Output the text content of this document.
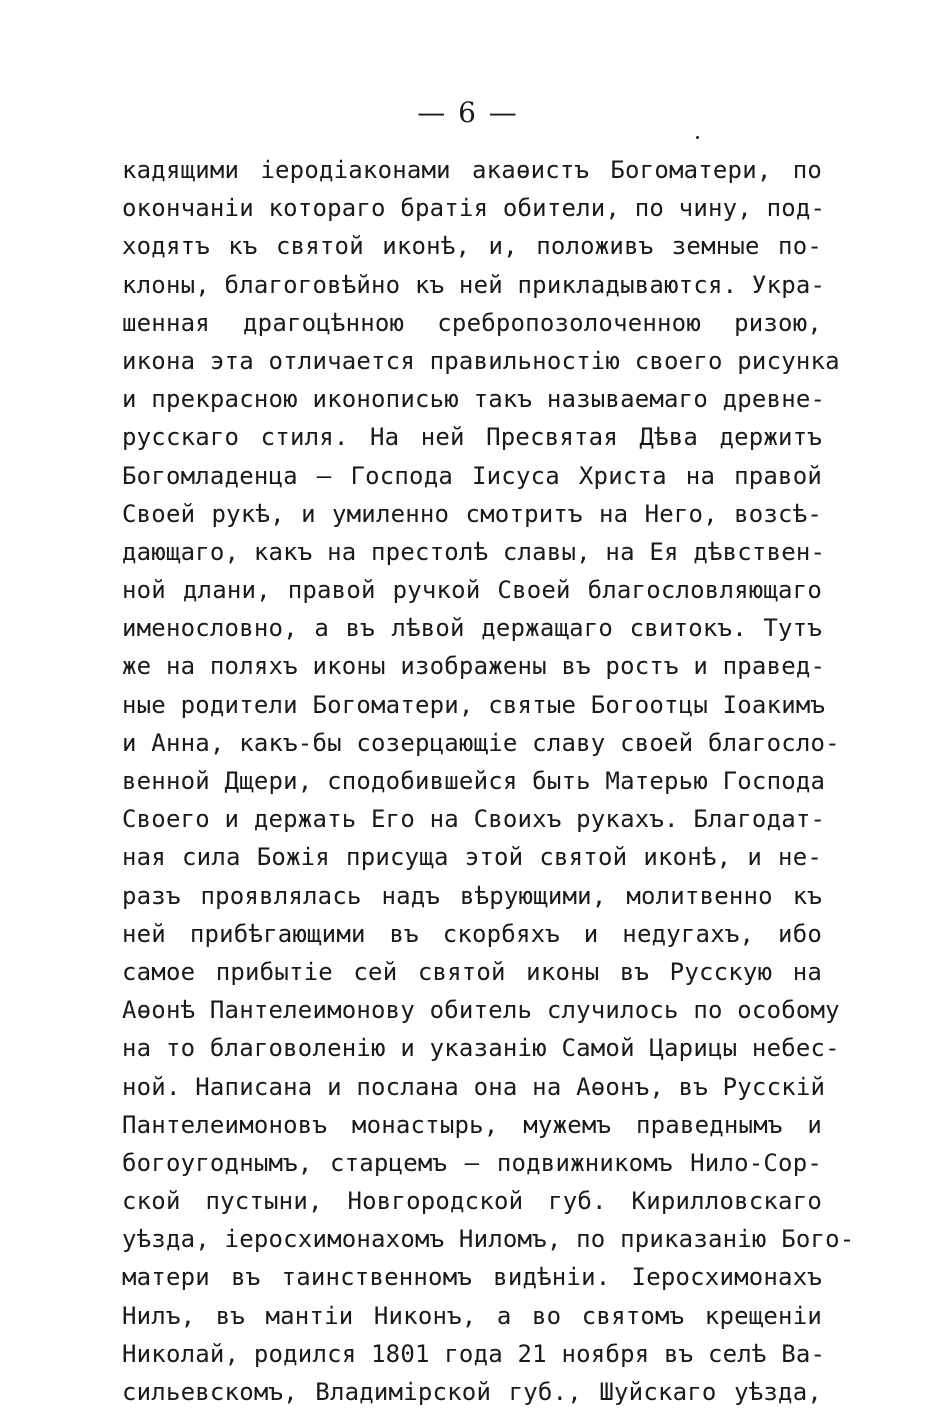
— 6 —
кадящими іеродіаконами акаѳистъ Богоматери, по
окончаніи котораго братія обители, по чину, под-
ходятъ къ святой иконѣ, и, положивъ земные по-
клоны, благоговѣйно къ ней прикладываются. Укра-
шенная драгоцѣнною сребропозолоченною ризою,
икона эта отличается правильностію своего рисунка
и прекрасною иконописью такъ называемаго древне-
русскаго стиля. На ней Пресвятая Дѣва держитъ
Богомладенца — Господа Іисуса Христа на правой
Своей рукѣ, и умиленно смотритъ на Него, возсѣ-
дающаго, какъ на престолѣ славы, на Ея дѣвствен-
ной длани, правой ручкой Своей благословляющаго
именословно, а въ лѣвой держащаго свитокъ. Тутъ
же на поляхъ иконы изображены въ ростъ и правед-
ные родители Богоматери, святые Богоотцы Іоакимъ
и Анна, какъ-бы созерцающіе славу своей благосло-
венной Дщери, сподобившейся быть Матерью Господа
Своего и держать Его на Своихъ рукахъ. Благодат-
ная сила Божія присуща этой святой иконѣ, и не-
разъ проявлялась надъ вѣрующими, молитвенно къ
ней прибѣгающими въ скорбяхъ и недугахъ, ибо
самое прибытіе сей святой иконы въ Русскую на
Аѳонѣ Пантелеимонову обитель случилось по особому
на то благоволенію и указанію Самой Царицы небес-
ной. Написана и послана она на Аѳонъ, въ Русскій
Пантелеимоновъ монастырь, мужемъ праведнымъ и
богоугоднымъ, старцемъ — подвижникомъ Нило-Сор-
ской пустыни, Новгородской губ. Кирилловскаго
уѣзда, іеросхимонахомъ Ниломъ, по приказанію Бого-
матери въ таинственномъ видѣніи. Іеросхимонахъ
Нилъ, въ мантіи Никонъ, а во святомъ крещеніи
Николай, родился 1801 года 21 ноября въ селѣ Ва-
сильевскомъ, Владимірской губ., Шуйскаго уѣзда,
